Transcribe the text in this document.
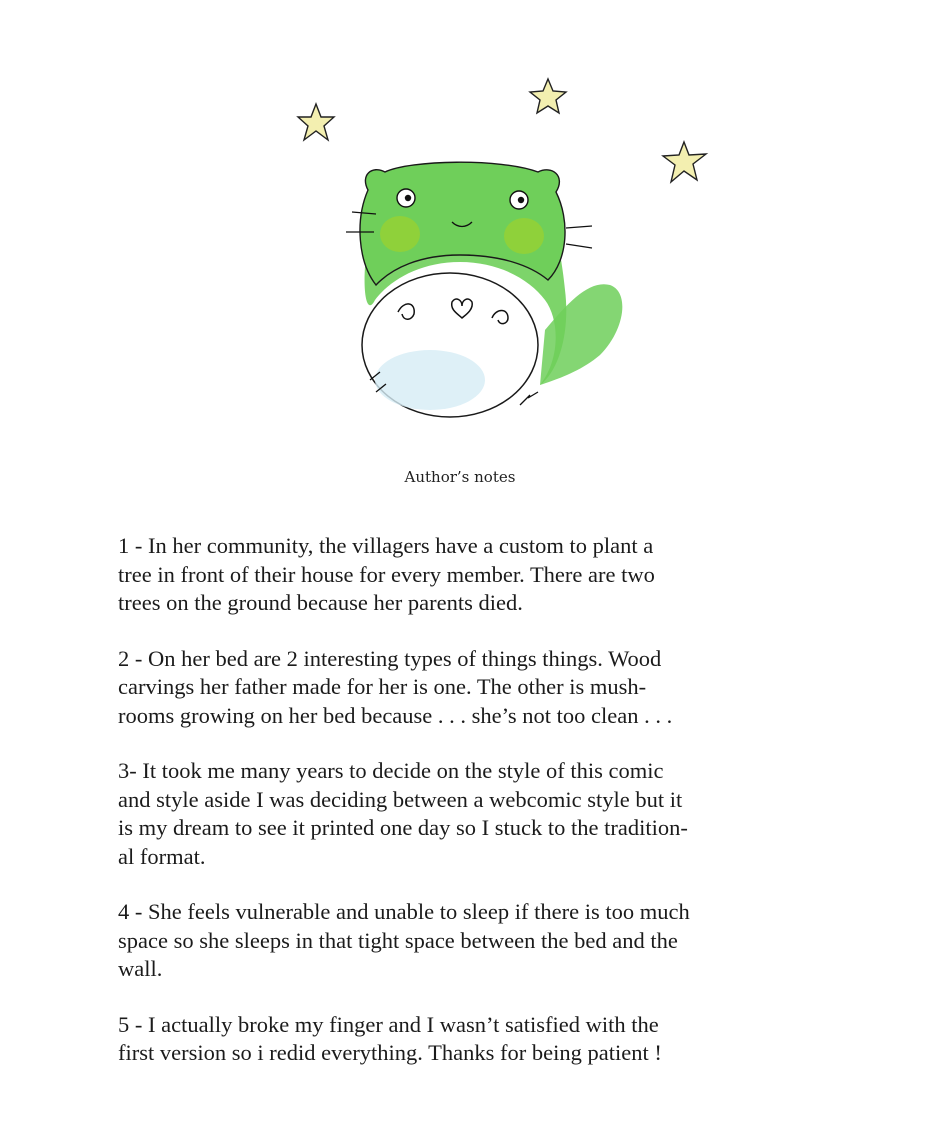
Author’s notes

1 - In her community, the villagers have a custom to plant a
tree in front of their house for every member. There are two
trees on the ground because her parents died.

2 - On her bed are 2 interesting types of things things. Wood
carvings her father made for her is one. The other is mush-
rooms growing on her bed because . . . she’s not too clean . . .

3- It took me many years to decide on the style of this comic
and style aside I was deciding between a webcomic style but it
is my dream to see it printed one day so I stuck to the tradition-
al format.

4 - She feels vulnerable and unable to sleep if there is too much
space so she sleeps in that tight space between the bed and the
wall.

5 - I actually broke my finger and I wasn’t satisfied with the
first version so i redid everything. Thanks for being patient !
